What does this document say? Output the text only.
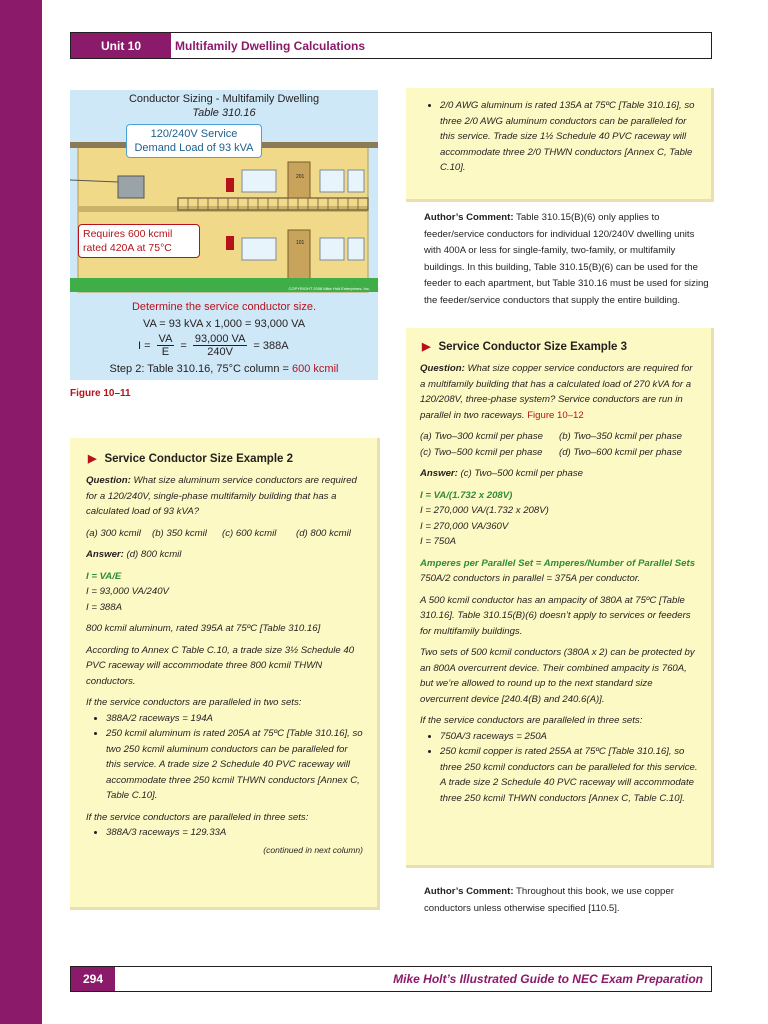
Unit 10	Multifamily Dwelling Calculations
Conductor Sizing - Multifamily Dwelling
Table 310.16
120/240V Service
Demand Load of 93 kVA
Requires 600 kcmil
rated 420A at 75°C
201
101
COPYRIGHT 2008 Mike Holt Enterprises, Inc.
Determine the service conductor size.
VA = 93 kVA x 1,000 = 93,000 VA
$I = \frac{VA}{E} = \frac{93,000 VA}{240V} = 388A$
Step 2: Table 310.16, 75°C column = 600 kcmil
Figure 10–11
▶ Service Conductor Size Example 2

Question: What size aluminum service conductors are required for a 120/240V, single-phase multifamily building that has a calculated load of 93 kVA?

(a) 300 kcmil	(b) 350 kcmil	(c) 600 kcmil	(d) 800 kcmil

Answer: (d) 800 kcmil

I = VA/E

I = 93,000 VA/240V

I = 388A

800 kcmil aluminum, rated 395A at 75ºC [Table 310.16]

According to Annex C Table C.10, a trade size 3½ Schedule 40 PVC raceway will accommodate three 800 kcmil THWN conductors.

If the service conductors are paralleled in two sets:

• 388A/2 raceways = 194A
• 250 kcmil aluminum is rated 205A at 75ºC [Table 310.16], so two 250 kcmil aluminum conductors can be paralleled for this service. A trade size 2 Schedule 40 PVC raceway will accommodate three 250 kcmil THWN conductors [Annex C, Table C.10].

If the service conductors are paralleled in three sets:

• 388A/3 raceways = 129.33A
(continued in next column)
• 2/0 AWG aluminum is rated 135A at 75ºC [Table 310.16], so three 2/0 AWG aluminum conductors can be paralleled for this service. Trade size 1½ Schedule 40 PVC raceway will accommodate three 2/0 THWN conductors [Annex C, Table C.10].
Author’s Comment: Table 310.15(B)(6) only applies to feeder/service conductors for individual 120/240V dwelling units with 400A or less for single-family, two-family, or multifamily buildings. In this building, Table 310.15(B)(6) can be used for the feeder to each apartment, but Table 310.16 must be used for sizing the feeder/service conductors that supply the entire building.
▶ Service Conductor Size Example 3

Question: What size copper service conductors are required for a multifamily building that has a calculated load of 270 kVA for a 120/208V, three-phase system? Service conductors are run in parallel in two raceways. Figure 10–12

(a) Two–300 kcmil per phase	(b) Two–350 kcmil per phase
(c) Two–500 kcmil per phase	(d) Two–600 kcmil per phase

Answer: (c) Two–500 kcmil per phase

I = VA/(1.732 x 208V)

I = 270,000 VA/(1.732 x 208V)

I = 270,000 VA/360V

I = 750A

Amperes per Parallel Set = Amperes/Number of Parallel Sets

750A/2 conductors in parallel = 375A per conductor.

A 500 kcmil conductor has an ampacity of 380A at 75ºC [Table 310.16]. Table 310.15(B)(6) doesn’t apply to services or feeders for multifamily buildings.

Two sets of 500 kcmil conductors (380A x 2) can be protected by an 800A overcurrent device. Their combined ampacity is 760A, but we’re allowed to round up to the next standard size overcurrent device [240.4(B) and 240.6(A)].

If the service conductors are paralleled in three sets:

• 750A/3 raceways = 250A
• 250 kcmil copper is rated 255A at 75ºC [Table 310.16], so three 250 kcmil conductors can be paralleled for this service. A trade size 2 Schedule 40 PVC raceway will accommodate three 250 kcmil THWN conductors [Annex C, Table C.10].
Author’s Comment: Throughout this book, we use copper conductors unless otherwise specified [110.5].
294	Mike Holt’s Illustrated Guide to NEC Exam Preparation
